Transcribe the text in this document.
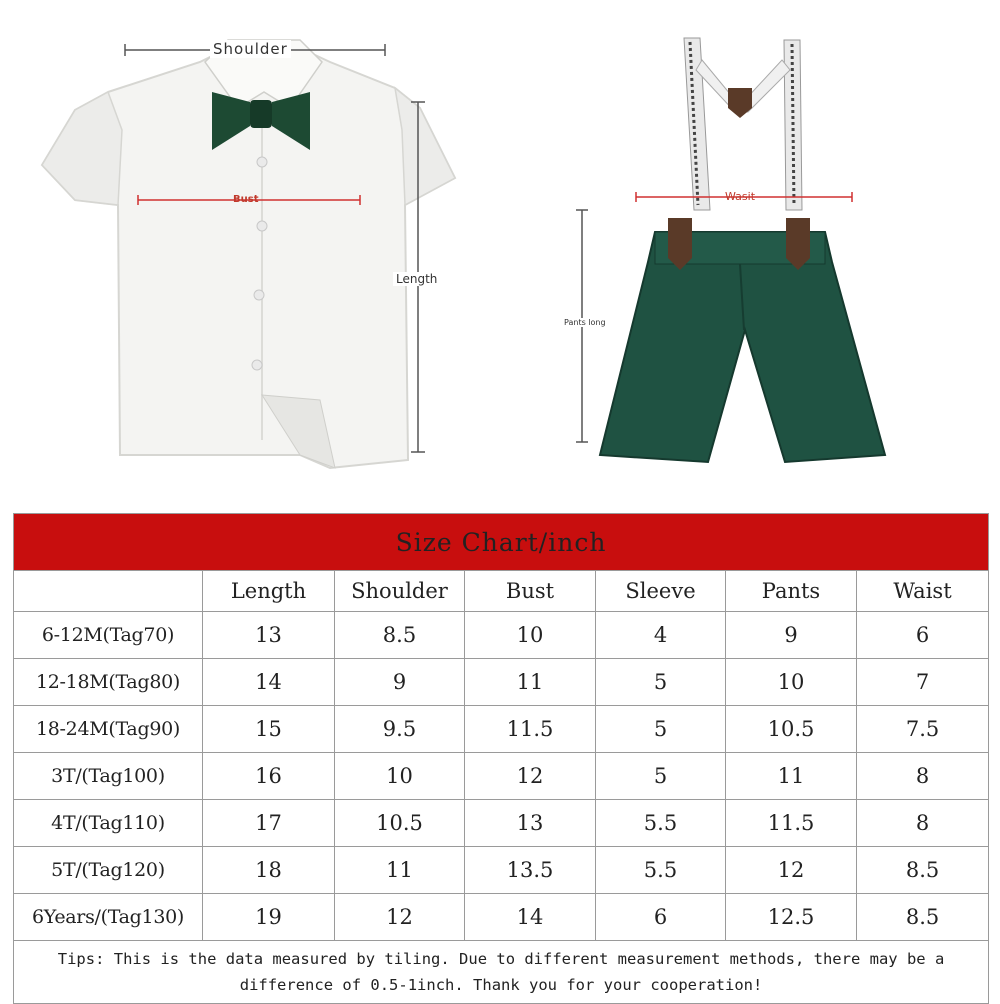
Shoulder
Bust
Length
Wasit
Pants long
Size Chart/inch						
	Length	Shoulder	Bust	Sleeve	Pants	Waist
6-12M(Tag70)	13	8.5	10	4	9	6
12-18M(Tag80)	14	9	11	5	10	7
18-24M(Tag90)	15	9.5	11.5	5	10.5	7.5
3T/(Tag100)	16	10	12	5	11	8
4T/(Tag110)	17	10.5	13	5.5	11.5	8
5T/(Tag120)	18	11	13.5	5.5	12	8.5
6Years/(Tag130)	19	12	14	6	12.5	8.5
Tips: This is the data measured by tiling. Due to different measurement methods, there may be a difference of 0.5-1inch. Thank you for your cooperation!						
